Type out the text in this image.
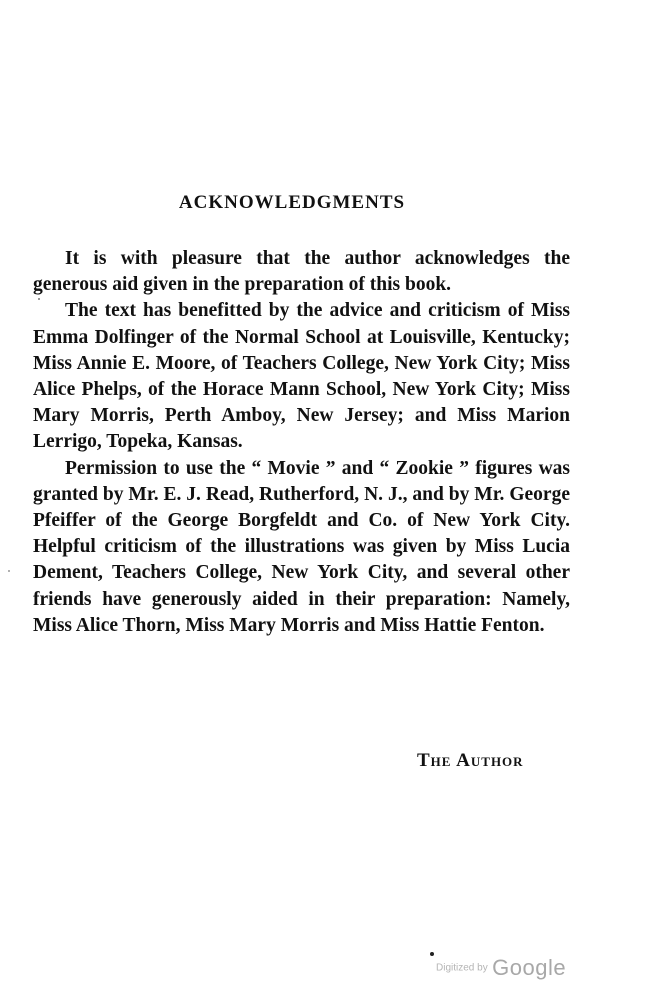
ACKNOWLEDGMENTS

It is with pleasure that the author acknowledges the generous aid given in the preparation of this book.

The text has benefitted by the advice and criticism of Miss Emma Dolfinger of the Normal School at Louisville, Kentucky; Miss Annie E. Moore, of Teachers College, New York City; Miss Alice Phelps, of the Horace Mann School, New York City; Miss Mary Morris, Perth Amboy, New Jersey; and Miss Marion Lerrigo, Topeka, Kansas.

Permission to use the “ Movie ” and “ Zookie ” figures was granted by Mr. E. J. Read, Rutherford, N. J., and by Mr. George Pfeiffer of the George Borgfeldt and Co. of New York City. Helpful criticism of the illustrations was given by Miss Lucia Dement, Teachers College, New York City, and several other friends have generously aided in their preparation: Namely, Miss Alice Thorn, Miss Mary Morris and Miss Hattie Fenton.

The Author
Digitized by Google
